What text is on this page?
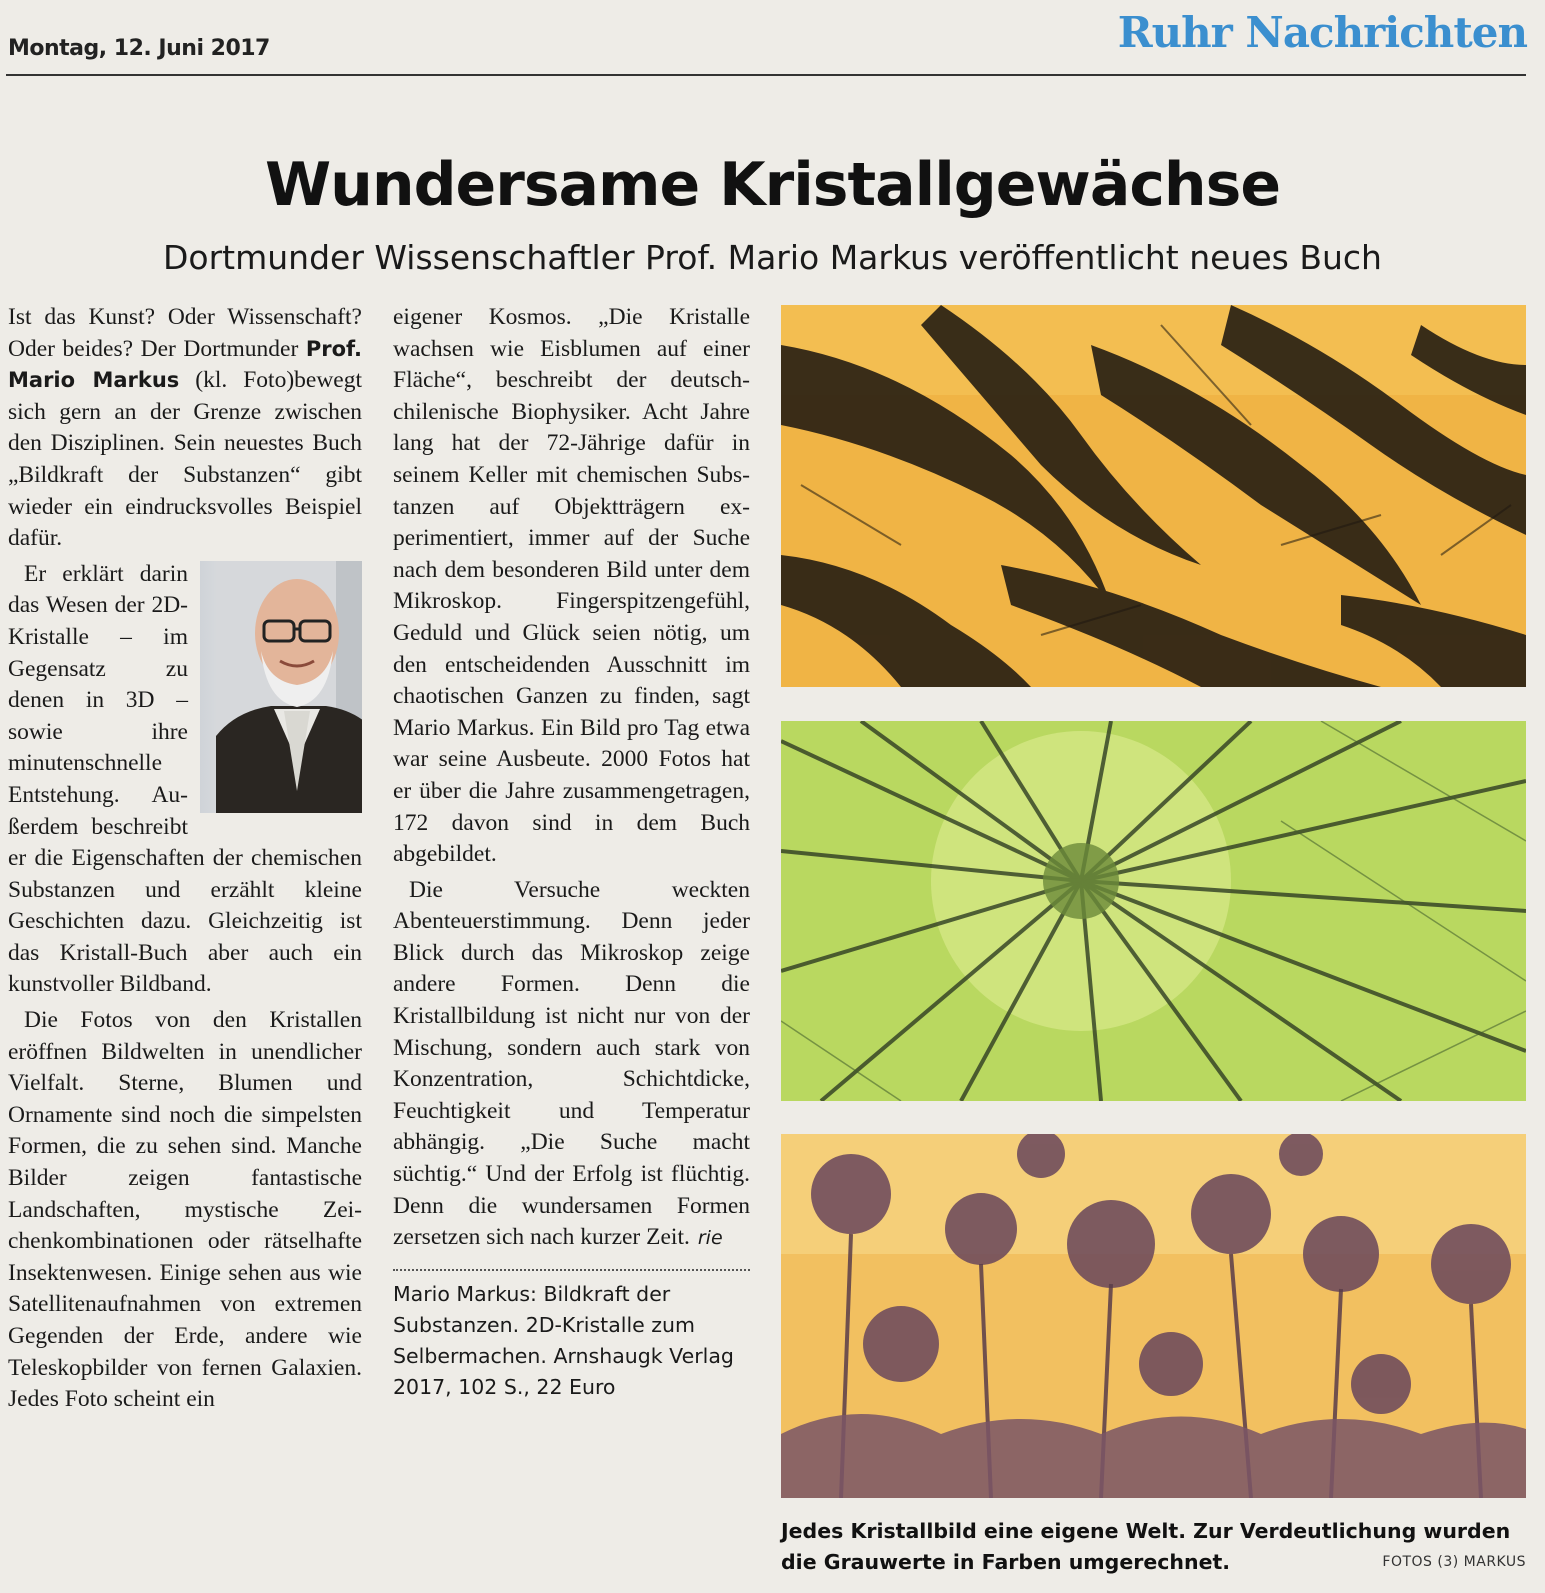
Montag, 12. Juni 2017	Ruhr Nachrichten
Wundersame Kristallgewächse
Dortmunder Wissenschaftler Prof. Mario Markus veröffentlicht neues Buch

Ist das Kunst? Oder Wissenschaft? Oder beides? Der Dortmunder Prof. Mario Markus (kl. Foto)bewegt sich gern an der Grenze zwischen den Disziplinen. Sein neuestes Buch „Bildkraft der Substanzen“ gibt wieder ein eindrucksvolles Beispiel dafür.

Er erklärt darin das Wesen der 2D-Kristalle – im Gegensatz zu denen in 3D – sowie ihre minutenschnelle Entstehung. Außerdem beschreibt er die Eigenschaften der chemischen Substanzen und erzählt kleine Geschichten dazu. Gleichzeitig ist das Kristall-Buch aber auch ein kunstvoller Bildband.

Die Fotos von den Kristallen eröffnen Bildwelten in unendlicher Vielfalt. Sterne, Blumen und Ornamente sind noch die simpelsten Formen, die zu sehen sind. Manche Bilder zeigen fantastische Landschaften, mystische Zeichenkombinationen oder rätselhafte Insektenwesen. Einige sehen aus wie Satellitenaufnahmen von extremen Gegenden der Erde, andere wie Teleskopbilder von fernen Galaxien. Jedes Foto scheint ein

eigener Kosmos. „Die Kristalle wachsen wie Eisblumen auf einer Fläche“, beschreibt der deutsch-chilenische Biophysiker. Acht Jahre lang hat der 72-Jährige dafür in seinem Keller mit chemischen Substanzen auf Objektträgern experimentiert, immer auf der Suche nach dem besonderen Bild unter dem Mikroskop. Fingerspitzengefühl, Geduld und Glück seien nötig, um den entscheidenden Ausschnitt im chaotischen Ganzen zu finden, sagt Mario Markus. Ein Bild pro Tag etwa war seine Ausbeute. 2000 Fotos hat er über die Jahre zusammengetragen, 172 davon sind in dem Buch abgebildet.

Die Versuche weckten Abenteuerstimmung. Denn jeder Blick durch das Mikroskop zeige andere Formen. Denn die Kristallbildung ist nicht nur von der Mischung, sondern auch stark von Konzentration, Schichtdicke, Feuchtigkeit und Temperatur abhängig. „Die Suche macht süchtig.“ Und der Erfolg ist flüchtig. Denn die wundersamen Formen zersetzen sich nach kurzer Zeit. rie

Mario Markus: Bildkraft der Substanzen. 2D-Kristalle zum Selbermachen. Arnshaugk Verlag 2017, 102 S., 22 Euro
Jedes Kristallbild eine eigene Welt. Zur Verdeutlichung wurden die Grauwerte in Farben umgerechnet.	FOTOS (3) MARKUS
